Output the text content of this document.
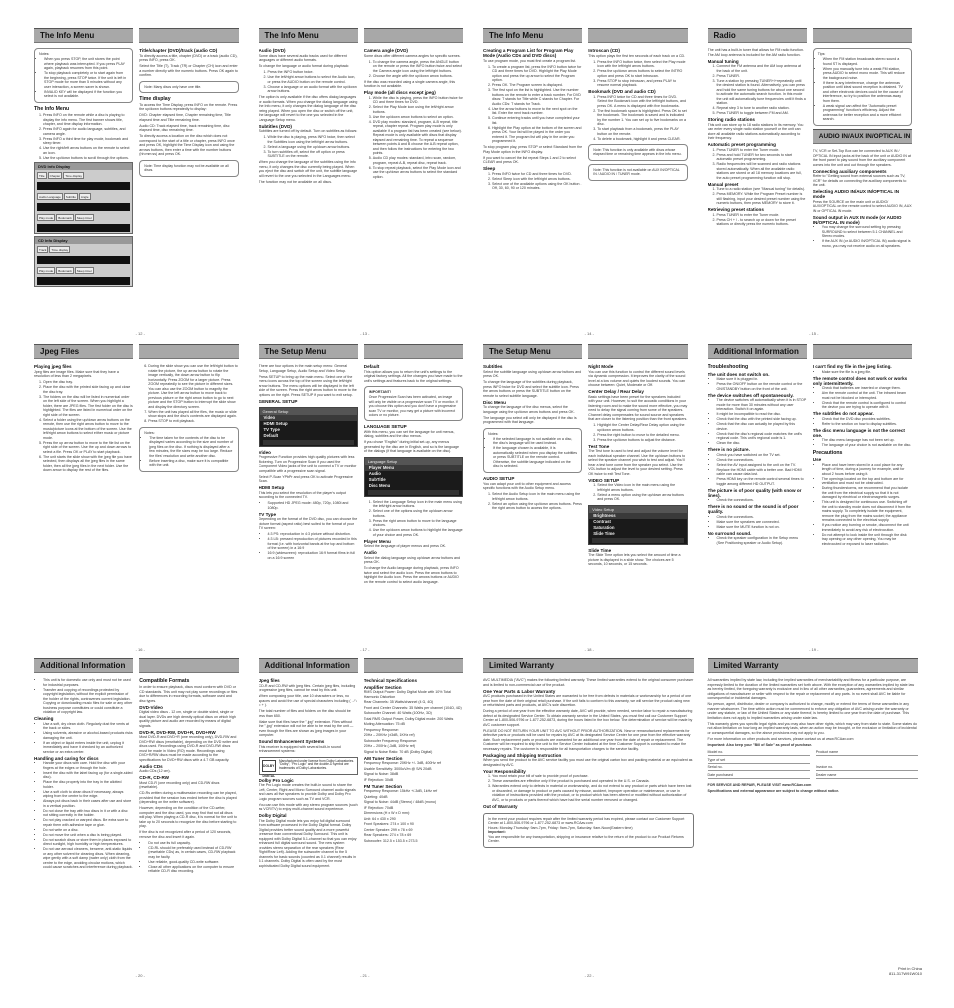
The Info Menu
Notes:
• When you press STOP, the unit stores the point where playback was interrupted. If you press PLAY again, playback resumes from this point.
• To stop playback completely or to start again from the beginning, press STOP twice. If the unit is left in STOP mode for more than 5 minutes without any user interaction, a screen saver is shown.
• INVALID KEY will be displayed if the function you select is not available.
The Info Menu
1. Press INFO on the remote while a disc is playing to display the info menu. The first banner shows title, chapter, and time display information.
2. Press INFO again for audio language, subtitles, and camera angle.
3. Press INFO a third time for play mode, bookmark and sleep timer.
4. Use the right/left arrow buttons on the remote to select an icon.
5. Use the up/down buttons to scroll through the options.
DVD Info Display
Title	Chapter	Time display
Audio Language	Subtitle	Angle
Play mode	Bookmark	Sleep timer
CD Info Display
Track	Time display
Play mode	Bookmark	Sleep timer
Title/chapter (DVD)/track (audio CD)
To directly access a title, chapter (DVD) or a track (audio CD), press INFO, press OK.
Select the Title (T), Track (TR) or Chapter (CH) icon and enter a number directly with the numeric buttons. Press OK again to confirm.
Note: Many discs only have one title.
Time display
To access the Time Display, press INFO on the remote. Press the up/down buttons repeatedly to display:
DVD: Chapter elapsed time, Chapter remaining time, Title elapsed time and Title remaining time.
Audio CD: Track elapsed time, track remaining time, disc elapsed time, disc remaining time.
To directly access a location on the disc which does not correspond to the start of a title or chapter, press INFO once and press OK, highlight the Time Display icon and using the arrows buttons, then enter a time with the number buttons (hh:mm:ss) and press OK.
Note: Time display function may not be available on all discs.
- 12 -
The Info Menu
Audio (DVD)
Some discs have several audio tracks used for different languages or different audio formats.
To change the language or audio format during playback:
1. Press the INFO button twice.
2. Use the left/right arrow buttons to select the Audio icon, or press the AUDIO button on the remote control.
3. Choose a language or an audio format with the up/down arrow buttons.
The option is only available if the disc offers dialog languages or audio formats. When you change the dialog language using the Info menu, it only changes the dialog language of the disc being played. When you open the disc or switch off the unit, the language will revert to the one you selected in the Language Setup menu.
Subtitles (DVD)
Subtitles are turned off by default. Turn on subtitles as follows:
1. While the disc is playing, press INFO twice, then select the Subtitles icon using the left/right arrow buttons.
2. Select a language using the up/down arrow buttons.
3. To turn subtitles off, select the off option or press SUBTITLE on the remote.
When you change the language of the subtitles using the info menu, it only changes the disc currently being played. When you eject the disc and switch off the unit, the subtitle language will revert to the one you selected in the Languages menu.
The function may not be available on all discs.
Camera angle (DVD)
Some discs offer different camera angles for specific scenes.
1. To change the camera angle, press the ANGLE button on the remote or press the INFO button twice and select the Camera angle icon using the left/right buttons.
2. Choose the angle with the up/down arrow buttons.
If the disc was recorded using a single camera angle, this function is not available.
Play mode (all discs except jpeg)
1. While the disc is playing, press the INFO button twice for CD and three times for DVD.
2. Select the Play Mode icon using the left/right arrow buttons.
3. Use the up/down arrow buttons to select an option.
4. DVD play modes: standard, program, A-B repeat, title repeat, chapter repeat. Program play mode is only available if a program list has been created (see below). Repeat mode is only available with discs that display elapsed and remaining time. To repeat a sequence between points A and B choose the A-B repeat option, and then follow the instructions for entering the two points.
5. Audio CD play modes: standard, intro scan, random, program, repeat A-B, repeat disc, repeat track.
6. To stop repeat playback, select the Play Mode icon and use the up/down arrow buttons to select the standard option.
- 13 -
The Info Menu
Creating a Program List for Program Play Mode (Audio CDs and DVD discs)
To use program mode, you must first create a program list.
1. To create a program list, press the INFO button twice for CD and three times for DVD. Highlight the Play Mode option and press the up arrow to select the Program option.
2. Press OK. The Program screen is displayed.
3. The first spot on the list is highlighted. Use the number buttons on the remote to enter a track number. For DVD discs: T stands for Title while C stands for Chapter. For Audio CDs: T stands for Track.
4. Use the arrow buttons to move to the next spot on the list. Enter the next track number.
5. Continue entering tracks until you have completed your list.
6. Highlight the Play option at the bottom of the screen and press OK. Your list will be played in the order you entered it. The program list will play in the order you programmed it.
To stop program play, press STOP or select Standard from the Play Mode option in the INFO display.
If you want to cancel the list repeat Steps 1 and 2 to select CLEAR and press OK.
Sleep
1. Press INFO twice for CD and three times for DVD.
2. Select Sleep icon with the left/right arrow buttons.
3. Select one of the available options using the OK button . Off, 30, 60, 90 or 120 minutes.
Introscan (CD)
This option plays the first ten seconds of each track on a CD.
1. Press the INFO button twice, then select the Play mode icon with the left/right arrow buttons.
2. Press the up/down arrow buttons to select the INTRO option and press OK to start Introscan.
3. Press STOP to stop introscan, and press PLAY to resume normal playback.
Bookmark (DVD and audio CD)
1. Press INFO twice for CD and three times for DVD. Select the Bookmark icon with the left/right buttons, and press OK. A menu is displayed with five bookmarks.
2. The first bookmark space is highlighted. Press OK to set the bookmark. The bookmark is saved and is indicated by the number 1. You can set up to five bookmarks on a disc.
3. To start playback from a bookmark, press the PLAY button on the remote.
4. To delete a bookmark, highlight it and press CLEAR.
Note: This function is only available with discs whose elapsed time or remaining time appears in the info menu.
Note: This function is not available on AUX IN/OPTICAL IN / AUDIO IN / TUNER mode.
- 14 -
Radio
The unit has a built-in tuner that allows for FM radio function. The AM loop antenna is included for the AM radio function.
Manual tuning
1. Connect the FM antenna and the AM loop antenna at the back of the unit.
2. Press TUNER.
3. Tune a station by pressing TUNER+/+repeatedly until the desired station is found. Alternatively, you can press and hold the same tuning buttons for about one second to activate the automatic search function. In this mode the unit will automatically tune frequencies until it finds a station.
4. Repeat step 3 to tune to another radio station.
5. Press TUNER to toggle between FM and AM.
Storing radio stations
This unit can store up to 18 radio stations in its memory. You can enter every single radio station yourself or the unit can store all available radio stations automatically according to their frequency.
Automatic preset programming
1. Press TUNER to enter the Tuner mode.
2. Press and hold TUNER for two seconds to start automatic preset programming.
3. Radio frequencies will be scanned and radio stations stored automatically. When all the available radio stations are stored or all 18 memory locations are full, the auto preset programming function will stop.
Manual preset
1. Tune to a radio station (see "Manual tuning" for details).
2. Press MEMORY. While the Program Preset number is still flashing, input your desired preset number using the numeric buttons, then press MEMORY to store it.
Retrieving preset stations
1. Press TUNER to enter the Tuner mode.
2. Press CH + / - to search up or down for the preset stations or directly press the numeric buttons.
Tips:
• When the FM station broadcasts stereo sound a found ST is displayed.
• When you manually tune into a weak FM station, press AUDIO to select mono mode. This will reduce the background noise.
• If there is any interference, change the antennas position until ideal sound reception is obtained. TV and other electronic devices could be the cause of interference, so try to position the antennas away from them.
• A weak signal can affect the "Automatic preset programming" function's efficiency. Adjust the antennas for better reception and a more efficient search.
AUDIO IN/AUX IN/OPTICAL IN
TV, VCR or Set-Top Box can be connected to AUX IN / OPTICAL IN input jacks at the back of the unit or AUDIO IN at the front panel to play sound from the auxiliary component comes into the unit and out through the speakers.
Connecting auxiliary components
Refer to "Getting sound from external sources such as TV, VCR" for details on connecting the auxiliary components to the unit.
Selecting AUDIO IN/AUX IN/OPTICAL IN mode
Press the SOURCE on the main unit or AUDIO/ AUX/OPTICAL on the remote control to select AUDIO IN, AUX IN or OPTICAL IN mode.
Sound output in AUX IN mode (or AUDIO IN/OPTICAL IN mode)
• You may change the surround setting by pressing SURROUND to select between 5.1 CHANNEL and Stereo modes.
• If the AUX IN (or AUDIO IN/OPTICAL IN) audio signal is mono, you may not receive audio on all speakers.
- 15 -
Jpeg Files
Playing jpeg files
Jpeg files are image files. Make sure that they have a resolution of less than 2 megapixels.
1. Open the disc tray.
2. Place the disc with the printed side facing up and close the disc tray.
3. The folders on the disc will be listed in numerical order on the left side of the screen. When you highlight a folder, there are JPEG files. The first folder on the disc is highlighted. The files are listed in numerical order on the right side of the screen.
4. Select a folder using the up/down arrow buttons on the remote, then use the right arrow button to move to the music/picture icons at the bottom of the screen. Use the left/right arrow buttons to select either music or picture mode.
5. Press the up arrow button to move to the file list on the right side of the screen. Use the up and down arrows to select a file. Press OK or PLAY to start playback.
6. The unit starts the slide show with the jpeg file you have selected, then displays all the jpeg files in the same folder, then all the jpeg files in the next folder. Use the down arrow to display the rest of the files.
6. During the slide show you can use the left/right button to rotate the picture, the up arrow button to rotate the image vertically, the down arrow button to flip horizontally. Press ZOOM for a larger picture. Press ZOOM repeatedly to see the picture in different sizes. You can also use the ZOOM button to magnify the picture. Use the left arrow button to move back to previous picture or the right arrow button to go to next picture and the STOP button to interrupt the slide show and display the directory screen.
7. When the unit has played all the files, the music or slide show stops and the disc's contents are displayed again.
8. Press STOP to exit playback.
Notes:
• The time taken for the contents of the disc to be displayed varies according to the size and number of jpeg files on the disc. If nothing is displayed after a few minutes, the file sizes may be too large. Reduce the files' resolution and write another disc.
• Before inserting a disc, make sure it is compatible with the unit.
- 16 -
The Setup Menu
There are four options in the main setup menu: General Setup, Language Setup, Audio Setup and Video Setup.
Press SETUP to bring up the main menu. Select one of the menu icons across the top of the screen using the left/right arrow buttons. The menu options will be displayed in the left side of the screen. Press the right arrow button to move to the options on the right. Press SETUP if you want to exit setup.
GENERAL SETUP
General Setup
Video
HDMI Setup
TV Type
Default
Video
Progressive Function provides high quality pictures with less flickering. Turn on Progressive Scan if you used the Component Video jacks of the unit to connect a TV or monitor compatible with a progressive scan signal.
Select P-Scan YPbPr and press OK to activate Progressive Scan.
HDMI Setup
This lets you select the resolution of the player's output according to the connected TV.
• Supported HD JPEG mode: 480p, 720p, 1080i and 1080p.
TV Type
Depending on the format of the DVD disc, you can choose the picture format (aspect ratio) best suited to the format of your TV screen:
• 4:3 PS: reproduction in 4:3 picture without distortion.
• 4:3 LB: pressed reproduction of pictures recorded in this format (i.e. with horizontal bands at the top and bottom of the screen) in a 16:9
• 16:9 (widescreen): reproduction 16:9 format films in full on a 16:9 screen
Default
This option allows you to return the unit's settings to the original factory settings. All the changes you have made to the unit's settings and features back to the original settings.
IMPORTANT!
Once Progressive Scan has been activated, an image will only be visible on a progressive scan TV or monitor. If you choose this option and you don't have a progressive scan TV or monitor, you may get a picture with incorrect colors or no picture.
LANGUAGE SETUP
With this menu, you can set the language for unit menus, dialog, subtitles and the disc menus.
If you chose "English" during initial set-up, any menus generated by the disc are in English, and so is the language of the dialogs (if that language is available on the disc).
Language Setup
Player Menu
Audio
SubTitle
Disc Menu
1. Select the Language Setup icon in the main menu using the left/right arrow buttons.
2. Select one of the options using the up/down arrow buttons.
3. Press the right arrow button to move to the language choices.
4. Use the up/down arrow buttons to highlight the language of your choice and press OK.
Player Menu
Select the language of player menus and press OK.
Audio
Select the dialog language using up/down arrow buttons and press OK.
To change the Audio language during playback, press INFO twice and select the audio icon. Press the arrow buttons to highlight the Audio icon. Press the arrows buttons or AUDIO on the remote control to select audio language.
- 17 -
The Setup Menu
Subtitles
Select the subtitle language using up/down arrow buttons and press OK.
To change the language of the subtitles during playback, press INFO twice for DVD and select the subtitle icon. Press the arrow buttons or press the SUBTITLE button on the remote to select subtitle language.
Disc Menu
To change the language of the disc menus, select the language using the up/down arrow buttons and press OK.
The language you select will only be displayed if the disc is programmed with that language.
Notes:
• If the selected language is not available on a disc, the disc's language will be used instead.
• If the language chosen is available, it is automatically selected when you display the subtitles or press SUBTITLE on the remote control. Otherwise, the subtitle language indicated on the disc is selected.
AUDIO SETUP
You can adapt your unit to other equipment and access specific functions with the Audio Setup menu.
1. Select the Audio Setup icon in the main menu using the left/right arrow buttons.
2. Select an option using the up/down arrow buttons. Press the right arrow button to access the options.
Night Mode
You can use this function to control the different sound levels via dynamic compression. It improves the clarity of the sound level at a low volume and quiets the loudest sounds. You can choose between: Quiet, Moderate or Off.
Center Delay / Rear Delay
Basic settings have been preset for the speakers included with your unit. However, to suit the acoustic conditions in your listening room and to make the sound more effective, you may need to delay the signal coming from some of the speakers. Channel delay compensates for sound source and speakers that are closer to the listening position than the front speakers.
1. Highlight the Center Delay/Rear Delay option using the up/down arrow buttons.
2. Press the right button to move to the detailed menu.
3. Press the up/down buttons to adjust the distance.
Test Tone
The Test tone is used to test and adjust the volume level for each individual speaker channel. Use the up/down buttons to select the speaker channel you wish to test and adjust. You'll hear a test tone come from the speaker you select. Use the VOL button to adjust the level to your desired setting. Press OK twice to exit Test Tone.
VIDEO SETUP
1. Select the Video icon in the main menu using the left/right arrow buttons.
2. Select a menu option using the up/down arrow buttons and press OK.
Video Setup
Brightness
Contrast
Saturation
Slide Time
Slide Time
The Slide Time option lets you select the amount of time a picture is displayed in a slide show. The choices are 5 seconds, 10 seconds, or 15 seconds.
- 18 -
Additional Information
Troubleshooting
The unit does not switch on.
• Make sure it is plugged in.
• Press the ON/OFF button on the remote control or the ON/STANDBY button on the front of the unit.
The device switches off spontaneously.
• The device switches off automatically when it is in STOP mode for more than 30 minutes without any user interaction. Switch it on again.
• It might be incompatible to read the disc.
• Check that the disc with the printed side facing up.
• Check that the disc can actually be played by this device.
• Check that the disc's regional code matches the unit's regional code. This unit's regional code is 1.
• Clean the disc.
There is no picture.
• Check you have switched on the TV set.
• Check the connections.
• Select the AV input assigned to the unit on the TV.
• Replace the HDMI cable with a better one. Bad HDMI cable can cause data lost.
• Press HDMI key on the remote control several times to toggle among different HD OUTPUT.
The picture is of poor quality (with snow or lines).
• Check the connections.
There is no sound or the sound is of poor quality.
• Check the connections.
• Make sure the speakers are connected.
• Make sure the MUTE function is not on.
No surround sound.
• Check the speaker configuration in the Setup menu (See Positioning speaker or Audio Setup).
I can't find my file in the jpeg listing.
• Make sure the file is a jpeg file.
The remote control does not work or works only intermittently.
• Check that batteries are inserted or change them.
• Aim the remote control at the unit. The infrared beam must not be blocked or interrupted.
• Check that the remote control is configured to control the device you are trying to operate with it.
The subtitles do not appear.
• Check that the DVD disc provides subtitles.
• Refer to the section on how to display subtitles.
The disc menu language is not the correct one.
• The disc menu language has not been set up.
• The language of your choice is not available on the disc.
Precautions
Use
• Place and have been stored in a cool place for any length of time, during a journey for example, wait for about 2 hours before using it.
• The openings located on the top and bottom are for ventilation and must not be obstructed.
• During thunderstorms, we recommend that you isolate the unit from the electrical supply so that it is not damaged by electrical or electromagnetic surges.
• This unit is designed for continuous use. Switching off the unit to standby mode does not disconnect it from the mains supply. To completely isolate the equipment, remove the plug from the mains socket; the appliance remains connected to the electrical supply.
• If you notice any burning or smoke, disconnect the unit immediately to avoid any risk of electrocution.
• Do not attempt to look inside the unit through the disk tray opening or any other opening. You may be electrocuted or exposed to laser radiation.
- 19 -
Additional Information
• This unit is for domestic use only and must not be used for industrial purposes.
• Transfer and copying of recordings protected by copyright legislation, without the explicit permission of the holder of the rights, contravenes current legislation. Copying or downloading music files for sale or any other business purpose constitutes or could constitute a violation of copyright law.
Cleaning
• Use a soft, dry clean cloth. Regularly dust the vents at the back or sides.
• Using solvents, abrasive or alcohol-based products risks damaging the unit.
• If an object or liquid enters inside the unit, unplug it immediately and have it checked by an authorized service or an extra center.
Handling and caring for discs
• Handle your discs with care. Hold the disc with your fingers at the edges or through the hole.
• Insert the disc with the label facing up (for a single-sided disc).
• Place the disc properly into the tray in the allotted holder.
• Use a soft cloth to clean discs if necessary, always wiping from the centre to the edge.
• Always put discs back in their cases after use and store in a vertical position.
• Do not close the tray with two discs in it or with a disc not sitting correctly in the holder.
• Do not play cracked or warped discs. Be extra sure to repair them with adhesive tape or glue.
• Do not write on a disc.
• Do not move the unit when a disc is being played.
• Do not scratch discs or store them in places exposed to direct sunlight, high humidity or high temperatures.
• Do not use aerosol cleaners, benzene, anti-static liquids or any other solvent for cleaning discs. When cleaning, wipe gently with a soft damp (water only) cloth from the centre to the edge, avoiding circular motions, which could cause scratches and interference during playback.
Compatible Formats
In order to ensure playback, discs must conform with DVD or CD standards. This unit may not play some recordings or files due to differences in recording formats, software used and disc types.
DVD-Video
Digital video discs - 12 cm, single or double sided, single or dual layer. DVDs are high density optical discs on which high quality picture and audio are recorded by means of digital signals.
DVD-R, DVD-RW, DVD+R, DVD+RW
Most DVD-R and DVD+R (one recording only), DVD-RW and DVD+RW discs (rewritable), depending on the DVD writer and discs used. Recordings using DVD-R and DVD-RW discs must be made in Video (RO) mode. Recordings using DVD+R/RW discs must be made according to the specifications for DVD+RW discs with a 4.7 GB capacity.
Audio CDs
Audio CDs (12 cm).
CD-R, CD-RW
Most CD-R (one recording only) and CD-RW discs (rewritable).
CD-Rs written during a multisession recording can be played, provided that the session has ended before the disc is played (depending on the writer software).
However, depending on the condition of the CD-writer, computer and the disc used, you may find that not all discs will play. When playing a CD-R disc, it is normal for the unit to take up to 20 seconds to recognize the disc before starting to play.
If the disc is not recognized after a period of 120 seconds, remove the disc and insert it again.
• Do not use its full capacity.
• CD-RL should be preferably used instead of CD-RW (rewritable CDs) as, in certain cases, CD-RW playback may be faulty.
• Use reliable, good-quality CD-write software.
• Close all other applications on the computer to ensure reliable CD-R disc recording.
- 20 -
Additional Information
Jpeg files
CD-R and CD-RW with jpeg files. Certain jpeg files, including progressive jpeg files, cannot be read by this unit.
When composing your title, use 10 characters or less, no spaces and avoid the use of special characters including ( . / \ = + ).
The total number of files and folders on the disc should be less than 650.
Make sure that files have the ".jpg" extension. Files without the ".jpg" extension will not be able to be read by the unit — even though the files are shown as jpeg images in your computer.
Sound Enhancement Systems
This receiver is equipped with several built-in sound enhancement systems:
DOLBY DIGITAL
Manufactured under license from Dolby Laboratories. "Dolby", "Pro Logic" and the double-D symbol are trademarks of Dolby Laboratories.
Dolby Pro Logic
The Pro Logic mode creates the built-in sound to share the Left, Center, Right and Mono Surround channel audio signals and uses all five speakers to provide Dolby and Dolby Pro Logic program sources such as TV and VCR.
You can use this mode with any stereo program sources (such as VCR/TV) to enjoy multi-channel sound experience.
Dolby Digital
The Dolby Digital mode lets you enjoy full digital surround from software processed in the Dolby Digital format. Dolby Digital provides better sound quality and a more powerful presence than conventional Dolby Surround. This unit is equipped with Dolby Digital 5.1-channel so that you can enjoy enhanced full digital surround sound. The new system provides stereo separation of the rear speakers (Rear Right/Rear Left). Adding the subwoofer channel to the 5 channels for basic sounds (counted as 0.1 channel) results in 5.1 channels. Dolby Digital is often used by the most sophisticated Dolby Digital sound equipment.
Technical Specifications
Amplifier Section
RMS Output Power: Dolby Digital Mode with 10% Total Harmonic Distortion
Rear Channels: 35 Watts/channel (4 Ω, 4Ω)
Front and Center Channels: 35 Watts per channel (104Ω, 4Ω)
Subwoofer Channel: 40 Watts (100Hz, 3Ω)
Total RMS Output Power, Dolby Digital mode: 200 Watts
Muting Attenuation: 75 dB
Frequency Response:
20Hz – 20KHz (±3dB, 1KHz ref)
Subwoofer Frequency Response:
20Hz – 200Hz (-3dB, 100Hz ref)
Signal to Noise Ratio: 70 dB (Dolby Digital)
AM Tuner Section
Frequency Response: 20KHz +/- 3dB, 400Hz ref
Usable Sensitivity: 3000uV/m @ S/N 20dB
Signal to Noise: 38dB
IF Rejection: 30dB
FM Tuner Section
Frequency Response: 15kHz +/-3dB, 1kHz ref
Quieting: 40dB
Signal to Noise: 44dB (Stereo) / 48dB (mono)
IF Rejection: 70dB
Dimensions (H x W x D mm):
Unit: 64 x 430 x 290
Front Speakers: 274 x 100 x 90
Center Speaker: 299 x 78 x 69
Rear Speakers: 274 x 78 x 69
Subwoofer: 312.5 x 153.5 x 273.5
- 21 -
Limited Warranty
AVC MULTIMEDIA ("AVC") makes the following limited warranty. These limited warranties extend to the original consumer purchaser and is limited to non-commercial use of the product.
One Year Parts & Labor Warranty
AVC products purchased in the United States are warranted to be free from defects in materials or workmanship for a period of one year from the date of their original retail purchase. If the unit fails to conform to this warranty, we will service the product using new or refurbished parts and products, at AVC's sole discretion.
During a period of one year from the effective warranty date, AVC will provide, when needed, service labor to repair a manufacturing defect at its designated Service Center. To obtain warranty service in the United States, you must first call our Customer Support Center at 1-800-506-9796 or 1-877-252-6873, during the hours listed in the box below. The determination of service will be made by AVC customer support.
PLEASE DO NOT RETURN YOUR UNIT TO AVC WITHOUT PRIOR AUTHORIZATION. New or remanufactured replacements for defective parts or products will be used for repairs by AVC at its designated Service Center for one year from the effective warranty date. Such replacement parts or products are warranted for an additional one year from the date of repair or replacement. The Customer will be required to ship the unit to the Service Center indicated at the time Customer Support is contacted to make the necessary repairs. The customer is responsible for all transportation charges to the service facility.
Packaging and Shipping Instruction
When you send the product to the AVC service facility you must use the original carton box and packing material or an equivalent as designated by AVC.
Your Responsibility
1. You must retain your bill of sale to provide proof of purchase.
2. These warranties are effective only if the product is purchased and operated in the U.S. or Canada.
3. Warranties extend only to defects in material or workmanship, and do not extend to any product or parts which have been lost or discarded, or damage to product or parts caused by misuse, accident, improper operation or maintenance, or use in violation of instructions provided with the product, or to product which has been altered or modified without authorization of AVC, or to products or parts thereof which have had the serial number removed or changed.
Out of Warranty
In the event your product requires repair after the limited warranty period has expired, please contact our Customer Support Center at 1-800-506-9796 or 1-877-252-6873 or www.RCAav.com
Hours: Monday-Thursday: 9am-7pm, Friday: 9am-7pm, Saturday: 9am-Noon(Eastern time)
Important:
You are responsible for any transportation, shipping or insurance relative to the return of the product to our Product Returns Center.
- 22 -
Limited Warranty
All warranties implied by state law, including the implied warranties of merchantability and fitness for a particular purpose, are expressly limited to the duration of the limited warranties set forth above. With the exception of any warranties implied by state law as hereby limited, the foregoing warranty is exclusive and in lieu of all other warranties, guarantees, agreements and similar obligations of manufacturer or seller with respect to the repair or replacement of any parts. In no event shall AVC be liable for consequential or incidental damages.
No person, agent, distributor, dealer or company is authorized to change, modify or extend the terms of these warranties in any manner whatsoever. The time within action must be commenced to enforce any obligation of AVC arising under the warranty or under any statute, or law of the United States or any state thereof, is hereby limited to one year from the date of purchase. This limitation does not apply to implied warranties arising under state law.
This warranty gives you specific legal rights and you may also have other rights, which may vary from state to state. Some states do not allow limitation on how long an implied warranty lasts, when an action may be brought, or the exclusion or limitation of incidental or consequential damages, so the above provisions may not apply to you.
For more information on other products and services, please contact us at www.RCAav.com
Important: Also keep your "Bill of Sale" as proof of purchase.
Model no.
Type of set
Serial no.
Date purchased
Product name
Invoice no.
Dealer name
FOR SERVICE AND REPAIR, PLEASE VISIT www.RCAav.com
Specifications and external appearance are subject to change without notice.
Print in China
811-317W91W010
